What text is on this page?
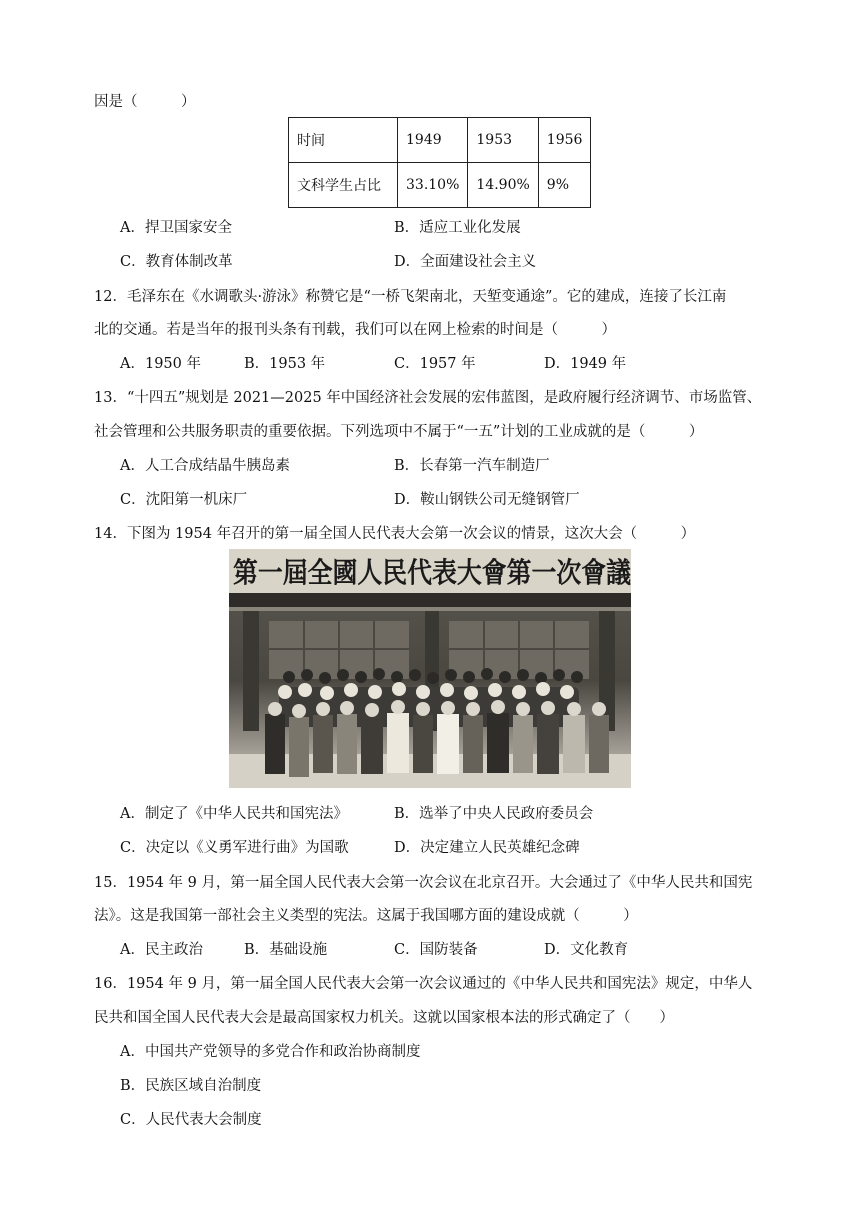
因是（　　　）
时间	1949	1953	1956
文科学生占比	33.10%	14.90%	9%
A．捍卫国家安全	B．适应工业化发展
C．教育体制改革	D．全面建设社会主义
12．毛泽东在《水调歌头·游泳》称赞它是“一桥飞架南北，天堑变通途”。它的建成，连接了长江南
北的交通。若是当年的报刊头条有刊载，我们可以在网上检索的时间是（　　　）
A．1950 年	B．1953 年	C．1957 年	D．1949 年
13．“十四五”规划是 2021—2025 年中国经济社会发展的宏伟蓝图，是政府履行经济调节、市场监管、
社会管理和公共服务职责的重要依据。下列选项中不属于“一五”计划的工业成就的是（　　　）
A．人工合成结晶牛胰岛素	B．长春第一汽车制造厂
C．沈阳第一机床厂	D．鞍山钢铁公司无缝钢管厂
14．下图为 1954 年召开的第一届全国人民代表大会第一次会议的情景，这次大会（　　　）
第一屆全國人民代表大會第一次會議
A．制定了《中华人民共和国宪法》	B．选举了中央人民政府委员会
C．决定以《义勇军进行曲》为国歌	D．决定建立人民英雄纪念碑
15．1954 年 9 月，第一届全国人民代表大会第一次会议在北京召开。大会通过了《中华人民共和国宪
法》。这是我国第一部社会主义类型的宪法。这属于我国哪方面的建设成就（　　　）
A．民主政治	B．基础设施	C．国防装备	D．文化教育
16．1954 年 9 月，第一届全国人民代表大会第一次会议通过的《中华人民共和国宪法》规定，中华人
民共和国全国人民代表大会是最高国家权力机关。这就以国家根本法的形式确定了（　　）
A．中国共产党领导的多党合作和政治协商制度
B．民族区域自治制度
C．人民代表大会制度
